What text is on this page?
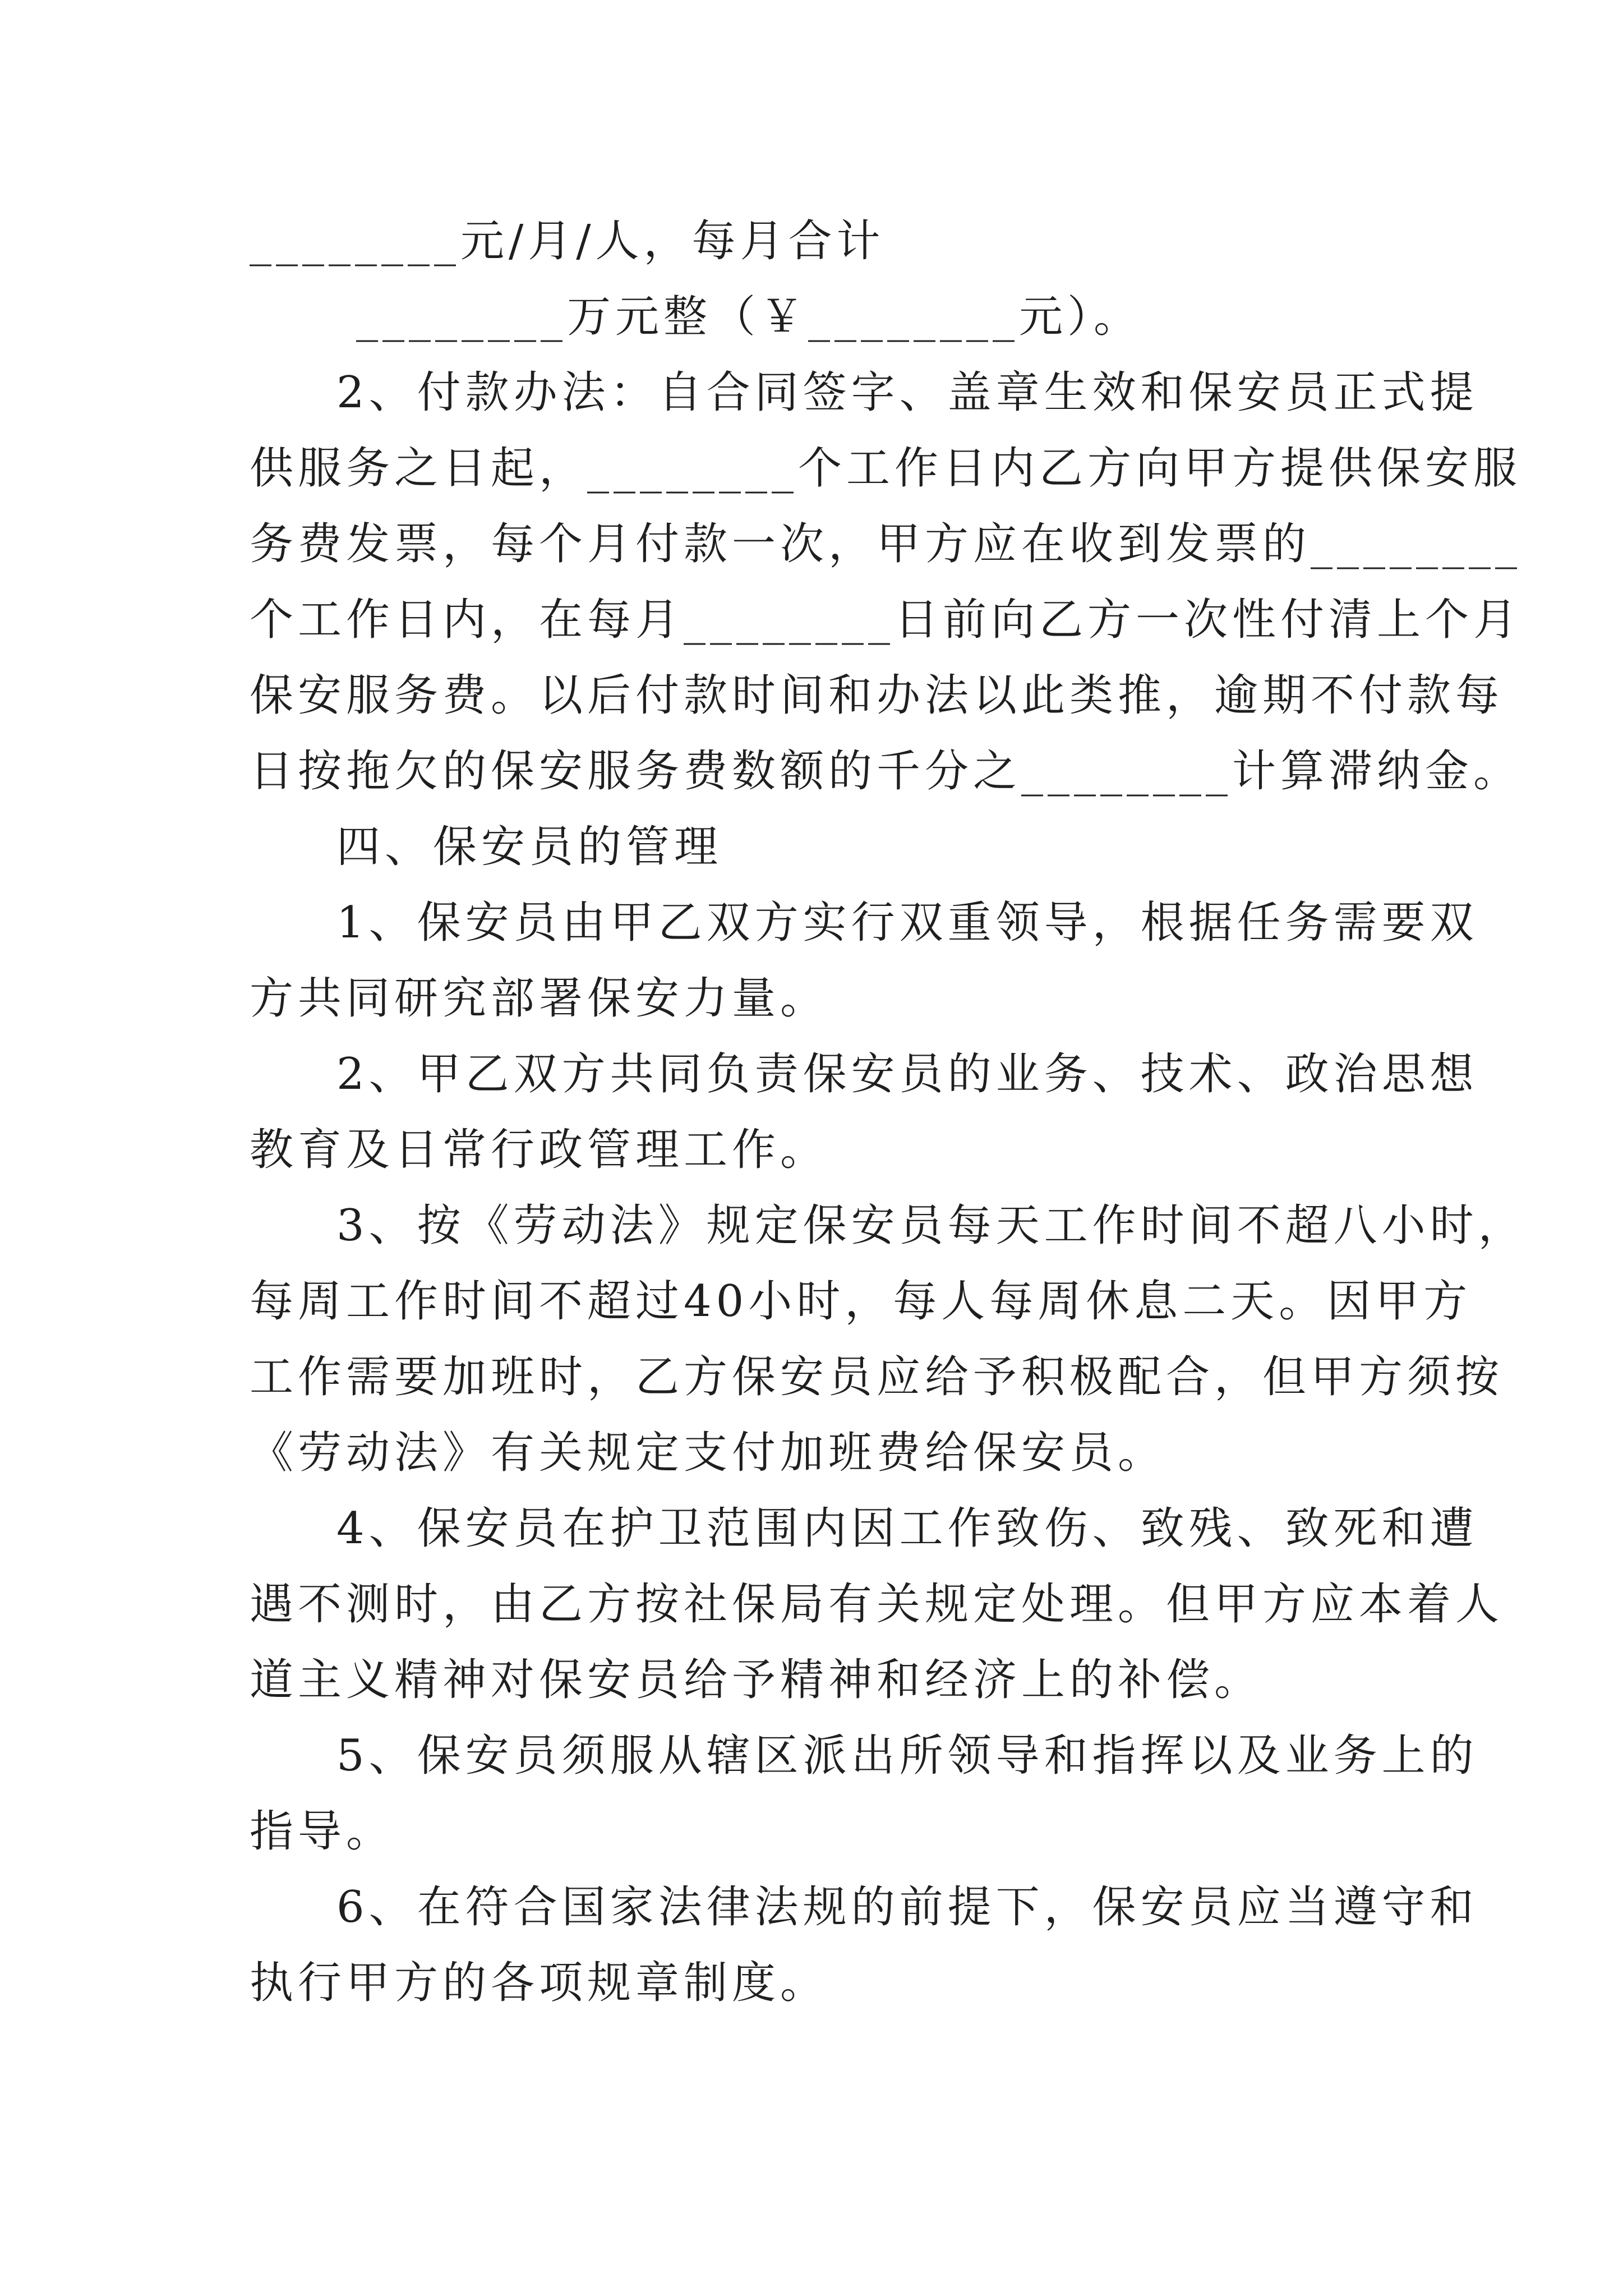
________元/月/人，每月合计

________万元整（￥________元）。

2、付款办法：自合同签字、盖章生效和保安员正式提

供服务之日起，________个工作日内乙方向甲方提供保安服

务费发票，每个月付款一次，甲方应在收到发票的________

个工作日内，在每月________日前向乙方一次性付清上个月

保安服务费。以后付款时间和办法以此类推，逾期不付款每

日按拖欠的保安服务费数额的千分之________计算滞纳金。

四、保安员的管理

1、保安员由甲乙双方实行双重领导，根据任务需要双

方共同研究部署保安力量。

2、甲乙双方共同负责保安员的业务、技术、政治思想

教育及日常行政管理工作。

3、按《劳动法》规定保安员每天工作时间不超八小时，

每周工作时间不超过40小时，每人每周休息二天。因甲方

工作需要加班时，乙方保安员应给予积极配合，但甲方须按

《劳动法》有关规定支付加班费给保安员。

4、保安员在护卫范围内因工作致伤、致残、致死和遭

遇不测时，由乙方按社保局有关规定处理。但甲方应本着人

道主义精神对保安员给予精神和经济上的补偿。

5、保安员须服从辖区派出所领导和指挥以及业务上的

指导。

6、在符合国家法律法规的前提下，保安员应当遵守和

执行甲方的各项规章制度。
